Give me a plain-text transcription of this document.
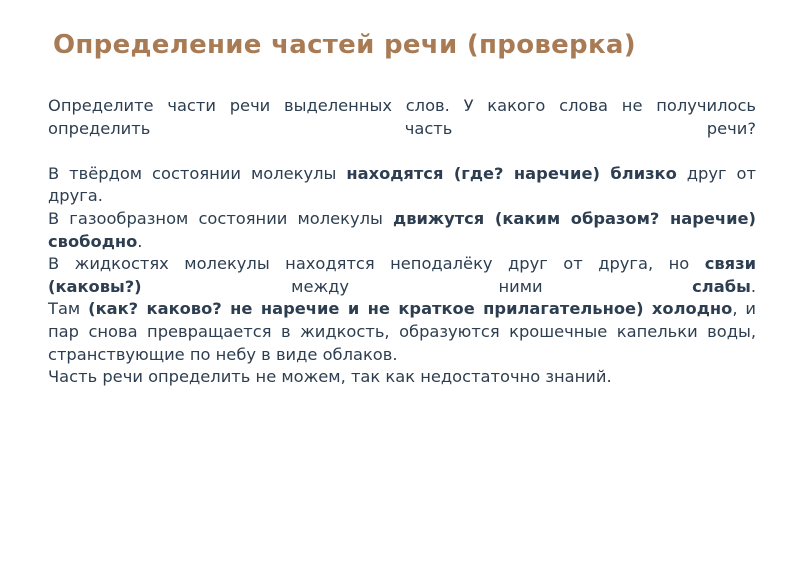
Определение частей речи (проверка)

Определите части речи выделенных слов. У какого слова не получилось определить часть речи?

В твёрдом состоянии молекулы находятся (где? наречие) близко друг от друга.

В газообразном состоянии молекулы движутся (каким образом? наречие) свободно.

В жидкостях молекулы находятся неподалёку друг от друга, но связи (каковы?) между ними слабы.

Там (как? каково? не наречие и не краткое прилагательное) холодно, и пар снова превращается в жидкость, образуются крошечные капельки воды, странствующие по небу в виде облаков.

Часть речи определить не можем, так как недостаточно знаний.
